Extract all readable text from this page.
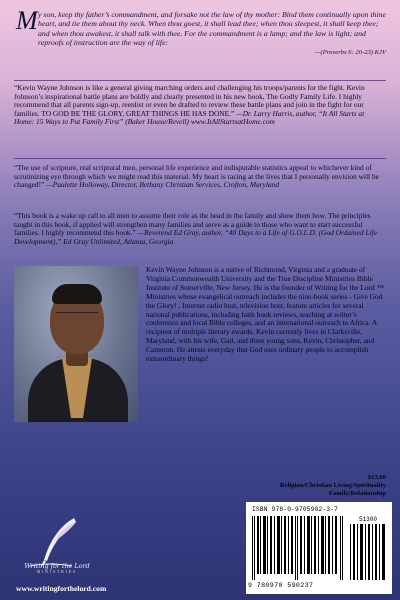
M y son, keep thy father’s commandment, and forsake not the law of thy mother: Bind them continually upon thine heart, and tie them about thy neck. When thou goest, it shall lead thee; when thou sleepest, it shall keep thee; and when thou awakest, it shall talk with thee. For the commandment is a lamp; and the law is light; and reproofs of instruction are the way of life:
—(Proverbs 6: 20-23) KJV
“Kevin Wayne Johnson is like a general giving marching orders and challenging his troops/parents for the fight. Kevin Johnson’s inspirational battle plans are boldly and clearly presented in his new book, The Godly Family Life. I highly recommend that all parents sign-up, reenlist or even be drafted to review these battle plans and join in the fight for our families. TO GOD BE THE GLORY, GREAT THINGS HE HAS DONE.” —Dr. Larry Harris, author, “It All Starts at Home: 15 Ways to Put Family First” (Baker House/Revell) www.ItAllStartsatHome.com
“The use of scripture, real scriptural men, personal life experience and indisputable statistics appeal to whichever kind of scrutinizing eye through which we might read this material. My heart is racing at the lives that I personally envision will be changed!” —Paulette Holloway, Director, Bethany Christian Services, Crofton, Maryland
“This book is a wake up call to all men to assume their role as the head in the family and show them how. The principles taught in this book, if applied will strengthen many families and serve as a guide to those who want to start successful families. I highly recommend this book.” —Reverend Ed Gray, author, “40 Days to a Life of G.O.L.D. (God Ordained Life Development),” Ed Gray Unlimited, Atlanta, Georgia
Kevin Wayne Johnson is a native of Richmond, Virginia and a graduate of Virginia Commonwealth University and the True Discipline Ministries Bible Institute of Somerville, New Jersey. He is the founder of Writing for the Lord ™ Ministries whose evangelical outreach includes the nine-book series - Give God the Glory! , Internet radio host, television host, feature articles for several national publications, including faith book reviews, teaching at writer’s conference and local Bible colleges, and an international outreach to Africa. A recipient of multiple literary awards, Kevin currently lives in Clarksville, Maryland, with his wife, Gail, and three young sons, Kevin, Christopher, and Cameron. He attests everyday that God uses ordinary people to accomplish extraordinary things!
$13.00
Religion/Christian Living/Spirituality
Family/Relationship
Writing for the Lord
MINISTRIES
www.writingforthelord.com
ISBN 978-0-9705902-3-7
51300
9 780970 590237
